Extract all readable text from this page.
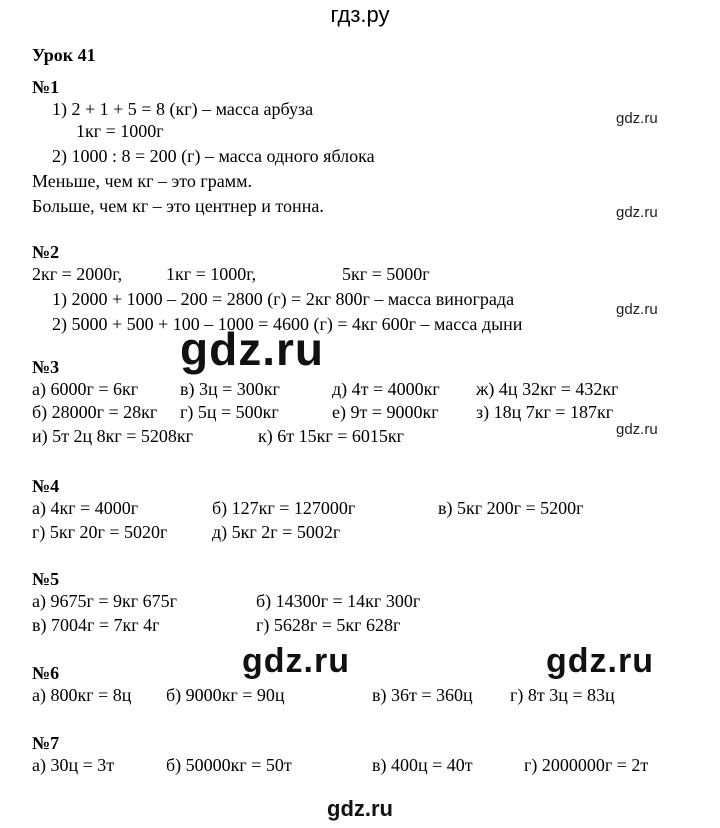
гдз.ру
Урок 41
№1
1) 2 + 1 + 5 = 8 (кг) – масса арбуза
1кг = 1000г
2) 1000 : 8 = 200 (г) – масса одного яблока
Меньше, чем кг – это грамм.
Больше, чем кг – это центнер и тонна.
№2
2кг = 2000г, 1кг = 1000г,	5кг = 5000г
1) 2000 + 1000 – 200 = 2800 (г) = 2кг 800г – масса винограда
2) 5000 + 500 + 100 – 1000 = 4600 (г) = 4кг 600г – масса дыни
№3
а) 6000г = 6кг в) 3ц = 300кг	д) 4т = 4000кг ж) 4ц 32кг = 432кг
б) 28000г = 28кг г) 5ц = 500кг	е) 9т = 9000кг з) 18ц 7кг = 187кг
и) 5т 2ц 8кг = 5208кг	к) 6т 15кг = 6015кг
№4
а) 4кг = 4000г	б) 127кг = 127000г	в) 5кг 200г = 5200г
г) 5кг 20г = 5020г д) 5кг 2г = 5002г
№5
а) 9675г = 9кг 675г	б) 14300г = 14кг 300г
в) 7004г = 7кг 4г	г) 5628г = 5кг 628г
№6
а) 800кг = 8ц б) 9000кг = 90ц	в) 36т = 360ц г) 8т 3ц = 83ц
№7
а) 30ц = 3т	б) 50000кг = 50т	в) 400ц = 40т	г) 2000000г = 2т
gdz.ru
gdz.ru
gdz.ru
gdz.ru
gdz.ru
gdz.ru	gdz.ru
gdz.ru
